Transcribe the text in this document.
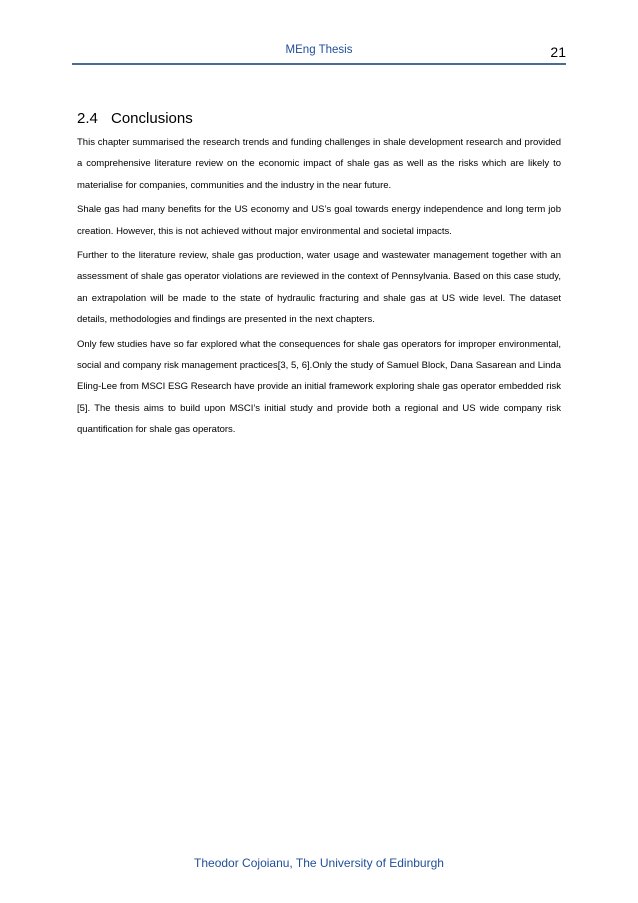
MEng Thesis	21
2.4 Conclusions

This chapter summarised the research trends and funding challenges in shale development research and provided a comprehensive literature review on the economic impact of shale gas as well as the risks which are likely to materialise for companies, communities and the industry in the near future.

Shale gas had many benefits for the US economy and US’s goal towards energy independence and long term job creation. However, this is not achieved without major environmental and societal impacts.

Further to the literature review, shale gas production, water usage and wastewater management together with an assessment of shale gas operator violations are reviewed in the context of Pennsylvania. Based on this case study, an extrapolation will be made to the state of hydraulic fracturing and shale gas at US wide level. The dataset details, methodologies and findings are presented in the next chapters.

Only few studies have so far explored what the consequences for shale gas operators for improper environmental, social and company risk management practices[3, 5, 6].Only the study of Samuel Block, Dana Sasarean and Linda Eling-Lee from MSCI ESG Research have provide an initial framework exploring shale gas operator embedded risk [5]. The thesis aims to build upon MSCI’s initial study and provide both a regional and US wide company risk quantification for shale gas operators.

Theodor Cojoianu, The University of Edinburgh
